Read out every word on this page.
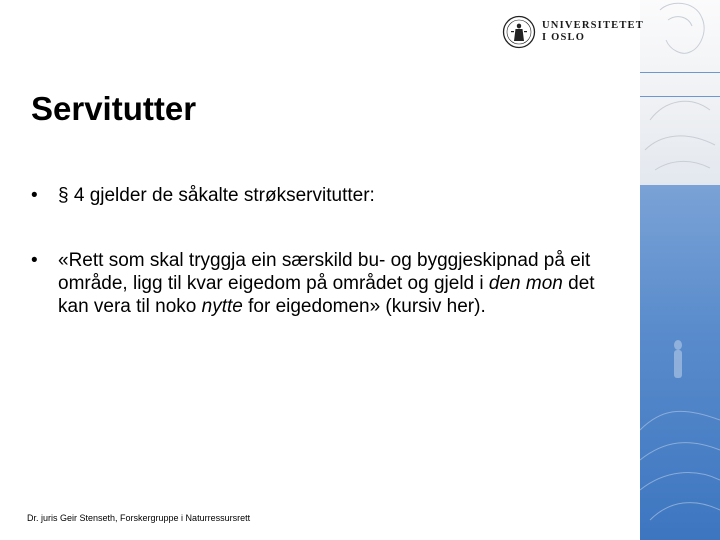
UNIVERSITETET
I OSLO
Servitutter
• § 4 gjelder de såkalte strøkservitutter:
• «Rett som skal tryggja ein særskild bu- og byggjeskipnad på eit område, ligg til kvar eigedom på området og gjeld i den mon det kan vera til noko nytte for eigedomen» (kursiv her).
Dr. juris Geir Stenseth, Forskergruppe i Naturressursrett
